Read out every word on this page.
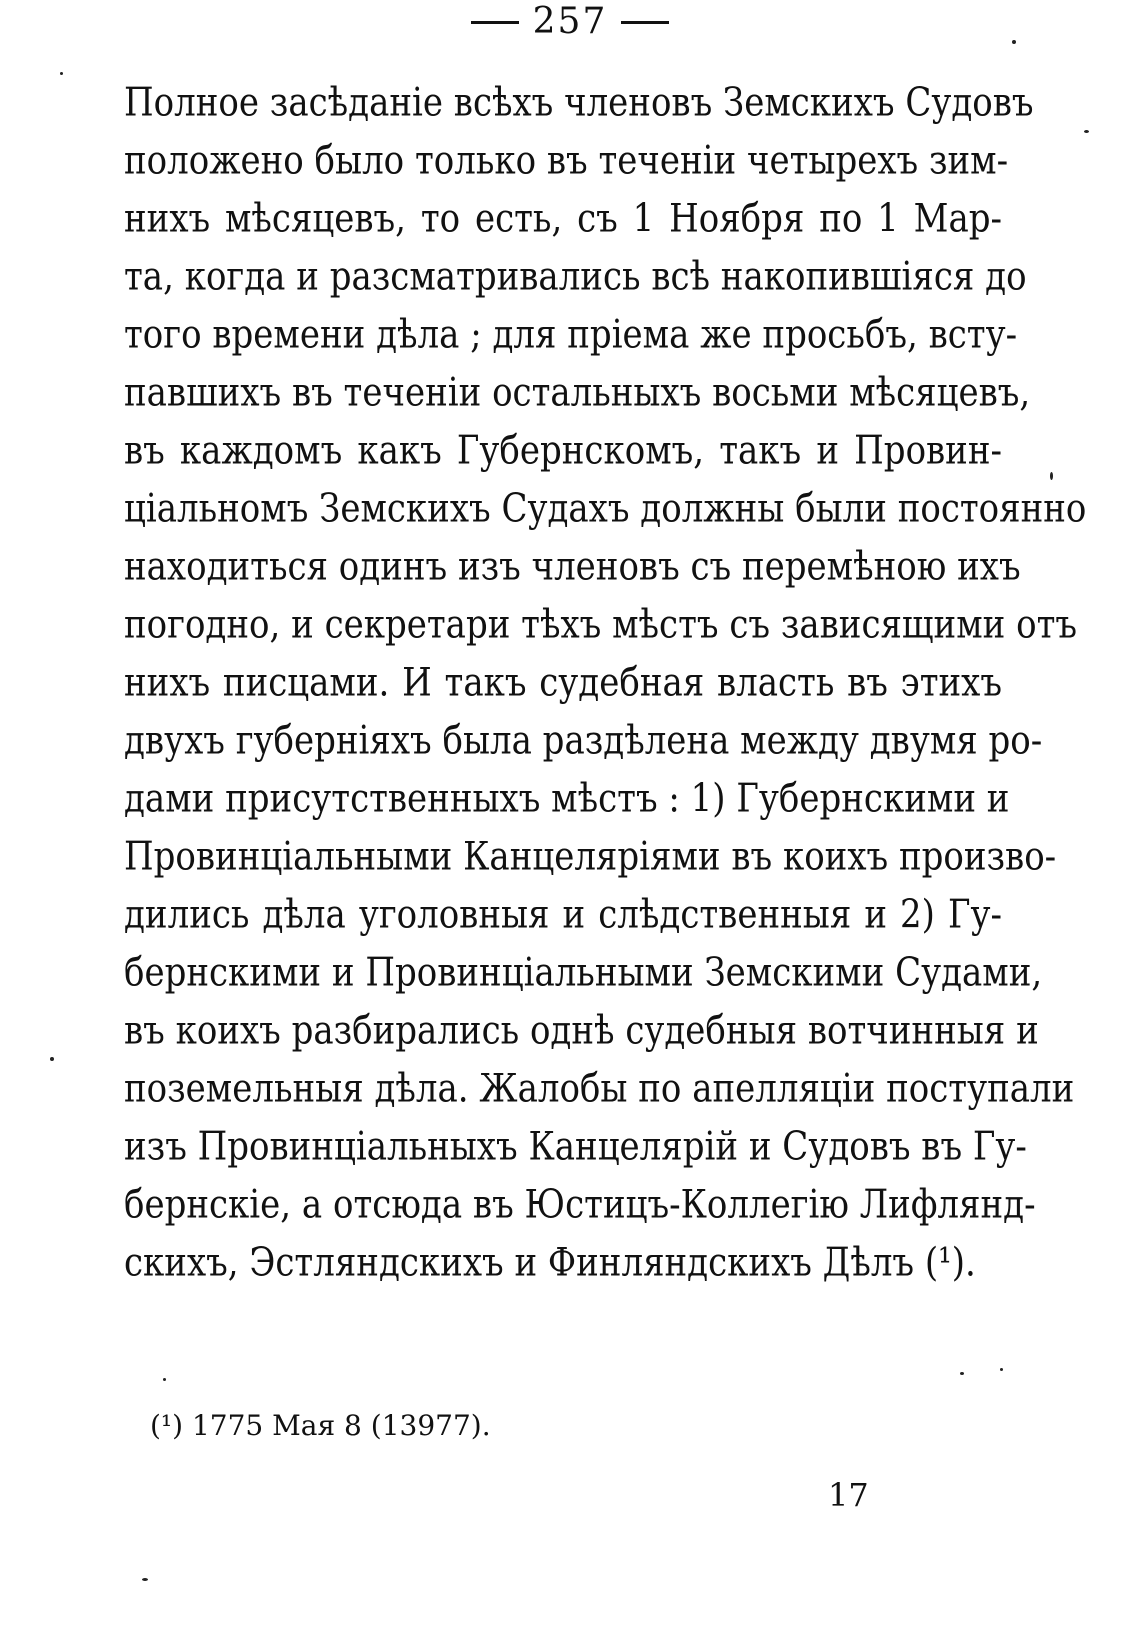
257
Полное засѣданіе всѣхъ членовъ Земскихъ Судовъ
положено было только въ теченіи четырехъ зим-
нихъ мѣсяцевъ, то есть, съ 1 Ноября по 1 Мар-
та, когда и разсматривались всѣ накопившіяся до
того времени дѣла ; для пріема же просьбъ, всту-
павшихъ въ теченіи остальныхъ восьми мѣсяцевъ,
въ каждомъ какъ Губернскомъ, такъ и Провин-
ціальномъ Земскихъ Судахъ должны были постоянно
находиться одинъ изъ членовъ съ перемѣною ихъ
погодно, и секретари тѣхъ мѣстъ съ зависящими отъ
нихъ писцами. И такъ судебная власть въ этихъ
двухъ губерніяхъ была раздѣлена между двумя ро-
дами присутственныхъ мѣстъ : 1) Губернскими и
Провинціальными Канцеляріями въ коихъ произво-
дились дѣла уголовныя и слѣдственныя и 2) Гу-
бернскими и Провинціальными Земскими Судами,
въ коихъ разбирались однѣ судебныя вотчинныя и
поземельныя дѣла. Жалобы по апелляціи поступали
изъ Провинціальныхъ Канцелярій и Судовъ въ Гу-
бернскіе, а отсюда въ Юстицъ-Коллегію Лифлянд-
скихъ, Эстляндскихъ и Финляндскихъ Дѣлъ (¹).
(¹) 1775 Мая 8 (13977).
17
